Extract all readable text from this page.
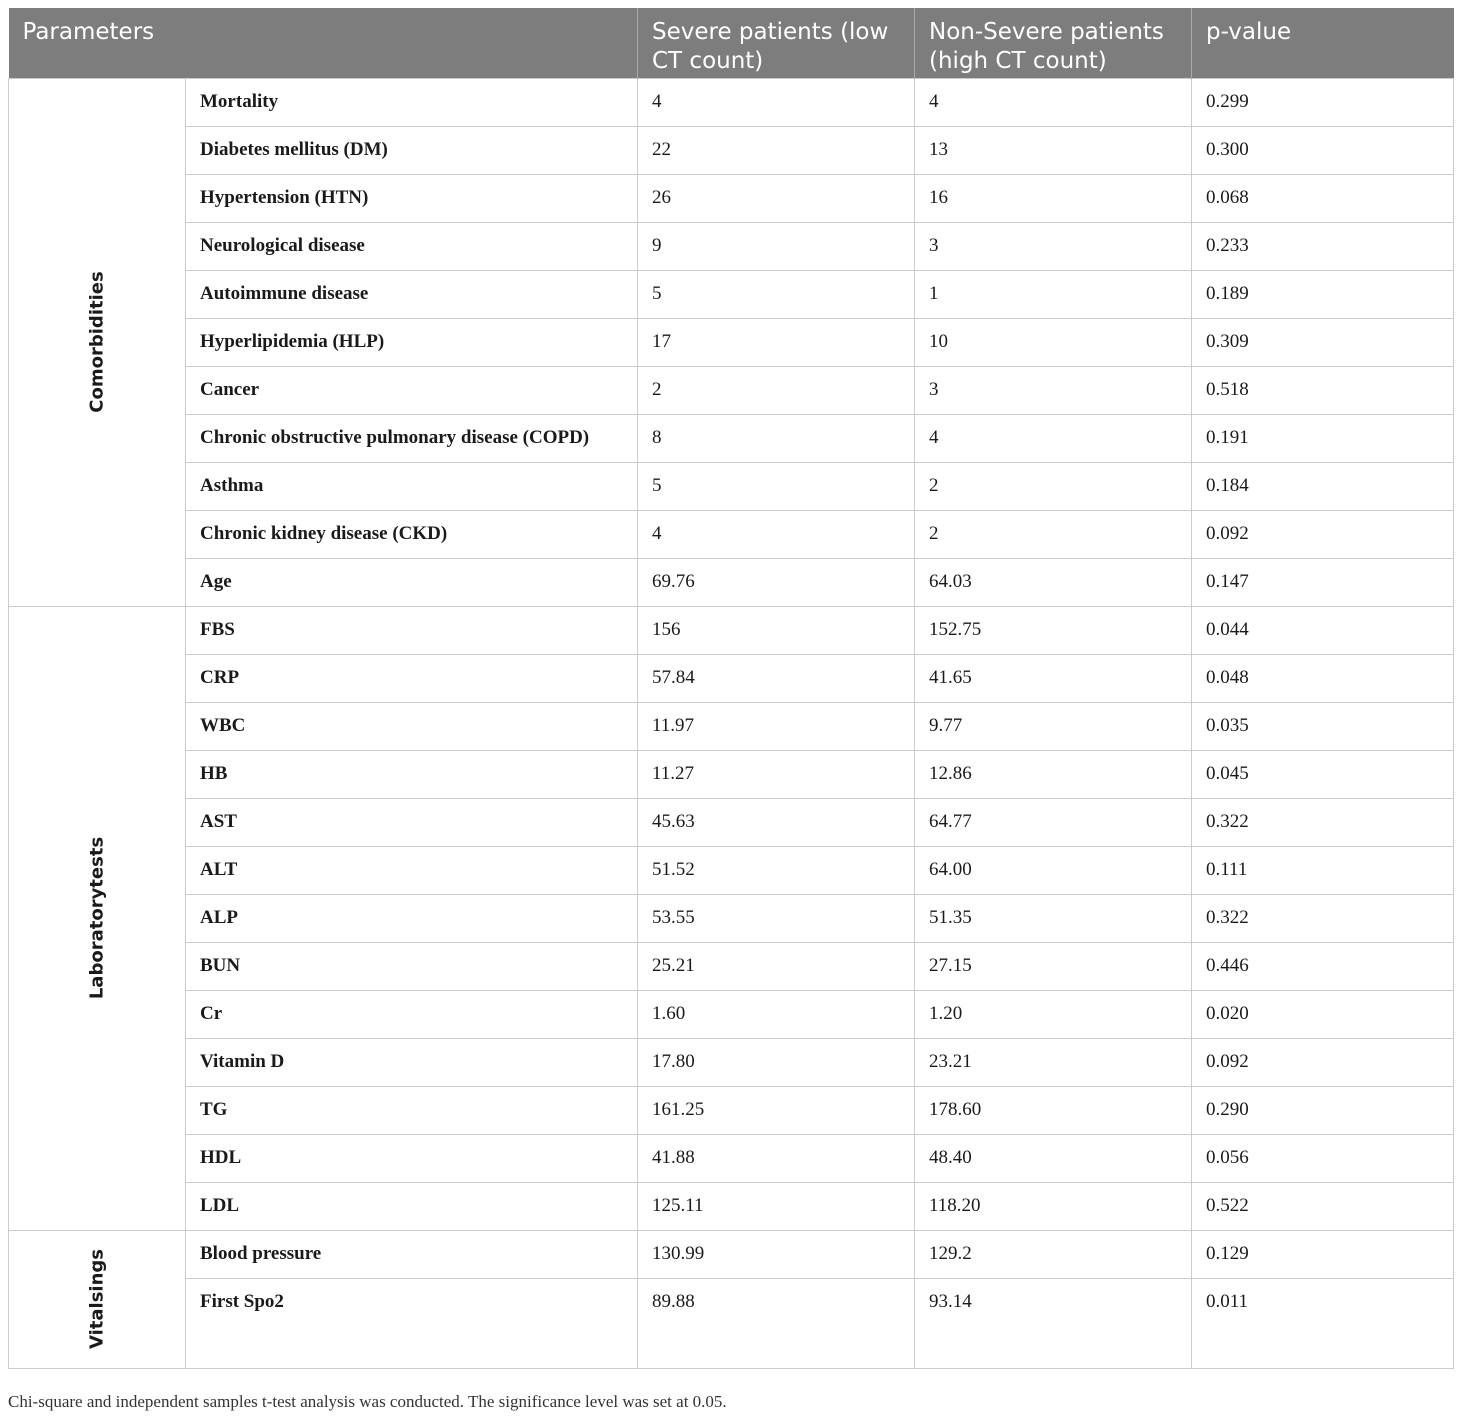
Parameters		Severe patients (low CT count)	Non-Severe patients (high CT count)	p-value

Comorbidities	Mortality	4	4	0.299
	Diabetes mellitus (DM)	22	13	0.300
	Hypertension (HTN)	26	16	0.068
	Neurological disease	9	3	0.233
	Autoimmune disease	5	1	0.189
	Hyperlipidemia (HLP)	17	10	0.309
	Cancer	2	3	0.518
	Chronic obstructive pulmonary disease (COPD)	8	4	0.191
	Asthma	5	2	0.184
	Chronic kidney disease (CKD)	4	2	0.092
	Age	69.76	64.03	0.147

Laboratorytests	FBS	156	152.75	0.044
	CRP	57.84	41.65	0.048
	WBC	11.97	9.77	0.035
	HB	11.27	12.86	0.045
	AST	45.63	64.77	0.322
	ALT	51.52	64.00	0.111
	ALP	53.55	51.35	0.322
	BUN	25.21	27.15	0.446
	Cr	1.60	1.20	0.020
	Vitamin D	17.80	23.21	0.092
	TG	161.25	178.60	0.290
	HDL	41.88	48.40	0.056
	LDL	125.11	118.20	0.522

Vitalsings	Blood pressure	130.99	129.2	0.129
	First Spo2	89.88	93.14	0.011
Chi-square and independent samples t-test analysis was conducted. The significance level was set at 0.05.
